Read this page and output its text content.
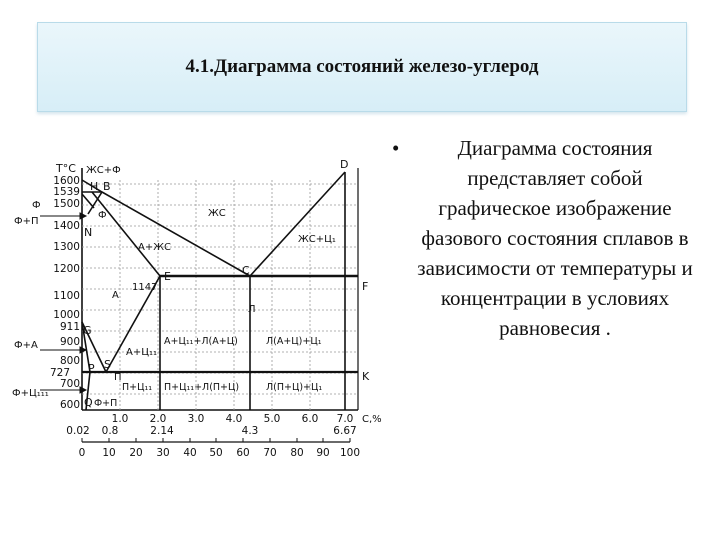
4.1.Диаграмма состояний железо-углерод
Т°С
С,%
1600
1539
1500
1400
1300
1200
1100
1000
911
900
800
727
700
600
Ф
Ф+П
Ф+А
Ф+Ц₁₁₁
1.0 2.0 3.0 4.0 5.0 6.0 7.0
0.02 0.8	2.14	4.3	6.67
0 10 20 30 40 50 60 70 80 90 100
H B
N
E	C
D
F
G
P S
K
Q
ЖС+Ф
ЖС
А+ЖС
ЖС+Ц₁
А
1147
Л
А+Ц₁₁
А+Ц₁₁+Л(А+Ц)	Л(А+Ц)+Ц₁
П+Ц₁₁ П+Ц₁₁+Л(П+Ц)	Л(П+Ц)+Ц₁
Ф+П
П
Ф
•	Диаграмма состояния представляет собой графическое изображение фазового состояния сплавов в зависимости от температуры и концентрации в условиях равновесия .
